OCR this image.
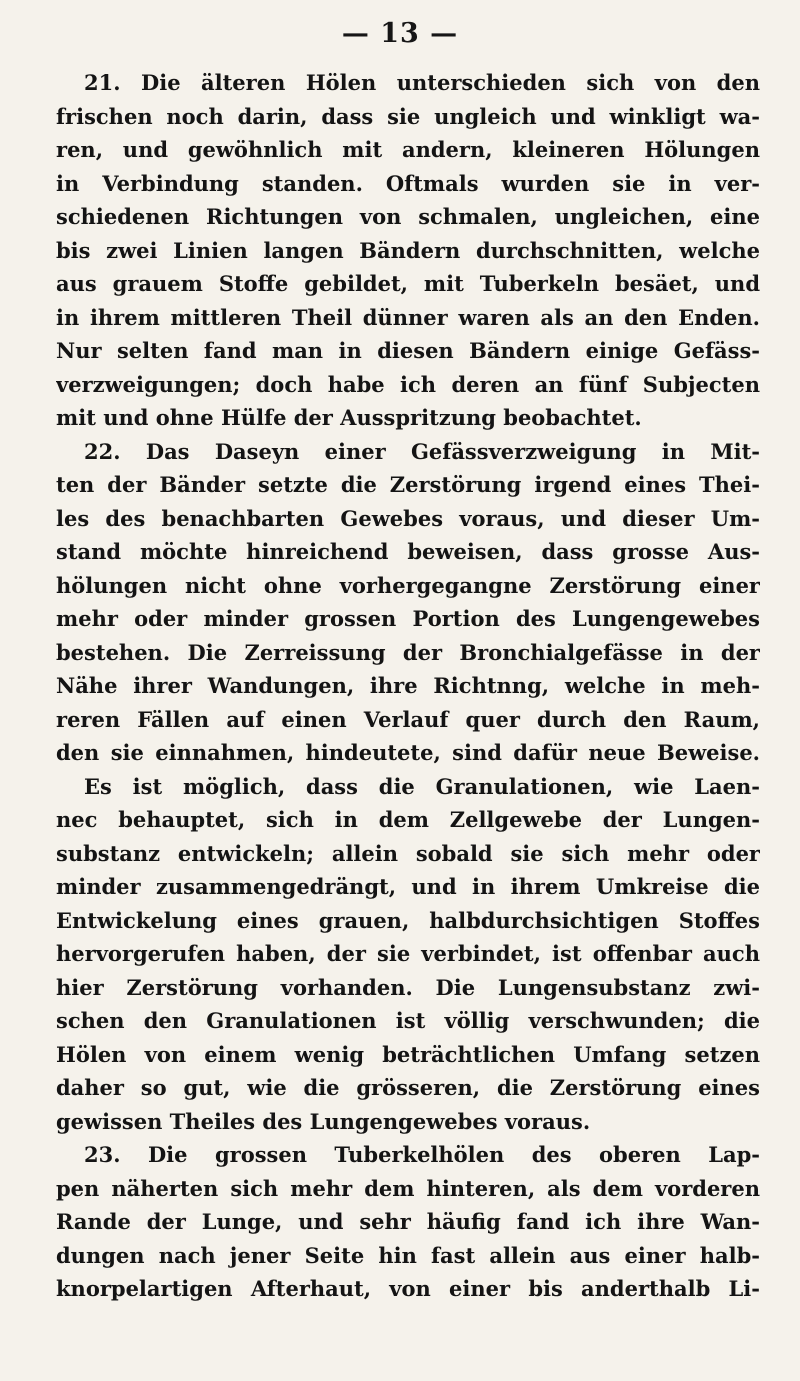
— 13 —
21. Die älteren Hölen unterschieden sich von den
frischen noch darin, dass sie ungleich und winkligt wa-
ren, und gewöhnlich mit andern, kleineren Hölungen
in Verbindung standen. Oftmals wurden sie in ver-
schiedenen Richtungen von schmalen, ungleichen, eine
bis zwei Linien langen Bändern durchschnitten, welche
aus grauem Stoffe gebildet, mit Tuberkeln besäet, und
in ihrem mittleren Theil dünner waren als an den Enden.
Nur selten fand man in diesen Bändern einige Gefäss-
verzweigungen; doch habe ich deren an fünf Subjecten
mit und ohne Hülfe der Ausspritzung beobachtet.
22. Das Daseyn einer Gefässverzweigung in Mit-
ten der Bänder setzte die Zerstörung irgend eines Thei-
les des benachbarten Gewebes voraus, und dieser Um-
stand möchte hinreichend beweisen, dass grosse Aus-
hölungen nicht ohne vorhergegangne Zerstörung einer
mehr oder minder grossen Portion des Lungengewebes
bestehen. Die Zerreissung der Bronchialgefässe in der
Nähe ihrer Wandungen, ihre Richtnng, welche in meh-
reren Fällen auf einen Verlauf quer durch den Raum,
den sie einnahmen, hindeutete, sind dafür neue Beweise.
Es ist möglich, dass die Granulationen, wie Laen-
nec behauptet, sich in dem Zellgewebe der Lungen-
substanz entwickeln; allein sobald sie sich mehr oder
minder zusammengedrängt, und in ihrem Umkreise die
Entwickelung eines grauen, halbdurchsichtigen Stoffes
hervorgerufen haben, der sie verbindet, ist offenbar auch
hier Zerstörung vorhanden. Die Lungensubstanz zwi-
schen den Granulationen ist völlig verschwunden; die
Hölen von einem wenig beträchtlichen Umfang setzen
daher so gut, wie die grösseren, die Zerstörung eines
gewissen Theiles des Lungengewebes voraus.
23. Die grossen Tuberkelhölen des oberen Lap-
pen näherten sich mehr dem hinteren, als dem vorderen
Rande der Lunge, und sehr häufig fand ich ihre Wan-
dungen nach jener Seite hin fast allein aus einer halb-
knorpelartigen Afterhaut, von einer bis anderthalb Li-
